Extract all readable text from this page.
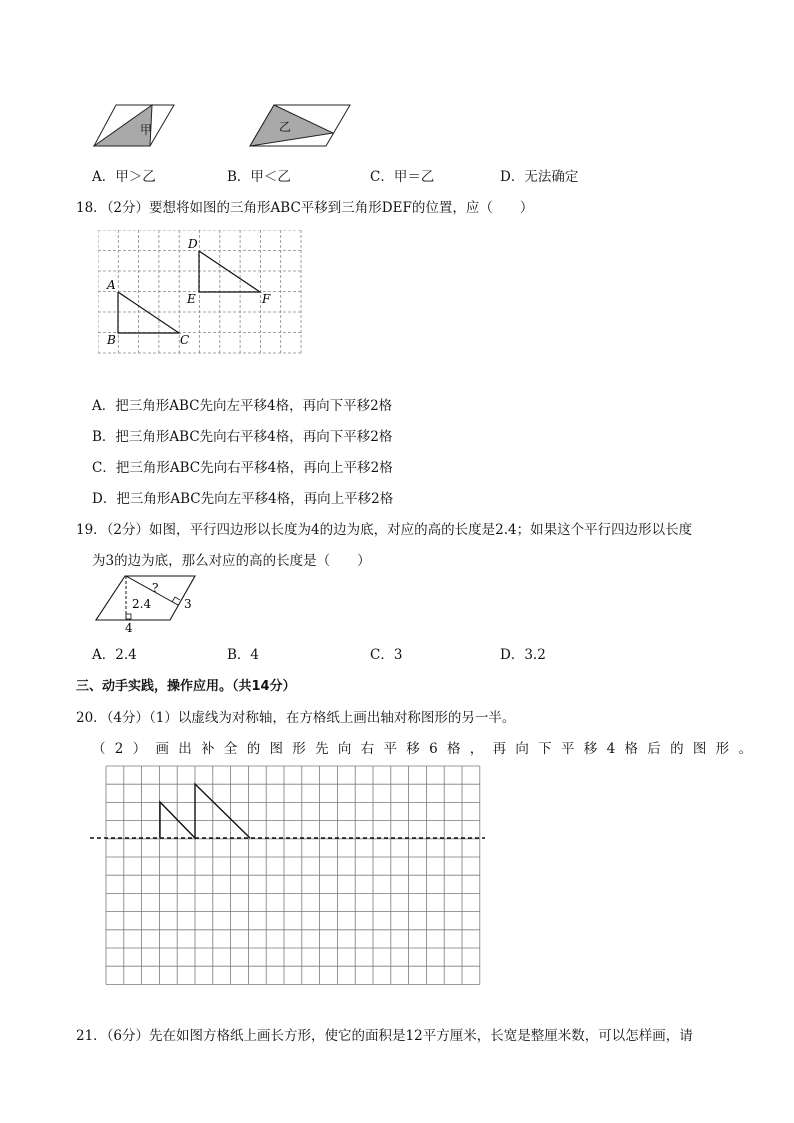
甲	乙
A．甲＞乙	B．甲＜乙	C．甲＝乙	D．无法确定
18．（2分）要想将如图的三角形ABC平移到三角形DEF的位置，应（　　）
A
B	C
D
E	F
A．把三角形ABC先向左平移4格，再向下平移2格
B．把三角形ABC先向右平移4格，再向下平移2格
C．把三角形ABC先向右平移4格，再向上平移2格
D．把三角形ABC先向左平移4格，再向上平移2格
19．（2分）如图，平行四边形以长度为4的边为底，对应的高的长度是2.4；如果这个平行四边形以长度
为3的边为底，那么对应的高的长度是（　　）
2.4
?
3
4
A．2.4	B．4	C．3	D．3.2
三、动手实践，操作应用。（共14分）
20．（4分）（1）以虚线为对称轴，在方格纸上画出轴对称图形的另一半。
（2）画出补全的图形先向右平移6格，再向下平移4格后的图形。
21．（6分）先在如图方格纸上画长方形，使它的面积是12平方厘米，长宽是整厘米数，可以怎样画，请
